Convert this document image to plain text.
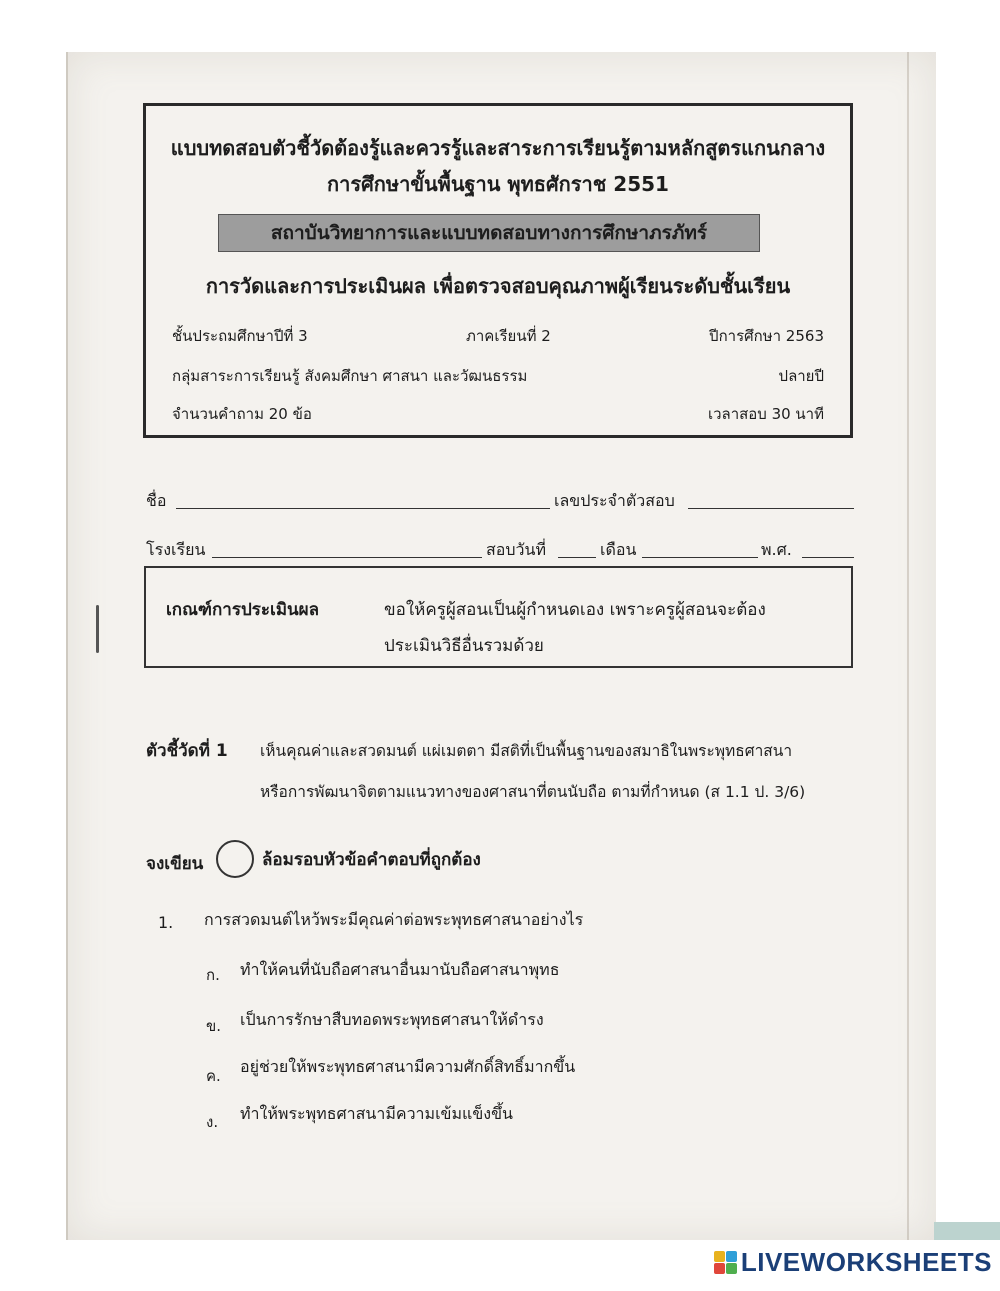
แบบทดสอบตัวชี้วัดต้องรู้และควรรู้และสาระการเรียนรู้ตามหลักสูตรแกนกลาง
การศึกษาขั้นพื้นฐาน พุทธศักราช 2551
สถาบันวิทยาการและแบบทดสอบทางการศึกษาภรภัทร์
การวัดและการประเมินผล เพื่อตรวจสอบคุณภาพผู้เรียนระดับชั้นเรียน
ชั้นประถมศึกษาปีที่ 3	ภาคเรียนที่ 2	ปีการศึกษา 2563
กลุ่มสาระการเรียนรู้ สังคมศึกษา ศาสนา และวัฒนธรรม	ปลายปี
จำนวนคำถาม 20 ข้อ	เวลาสอบ 30 นาที
ชื่อ	เลขประจำตัวสอบ
โรงเรียน	สอบวันที่	เดือน	พ.ศ.
เกณฑ์การประเมินผล	ขอให้ครูผู้สอนเป็นผู้กำหนดเอง เพราะครูผู้สอนจะต้อง
ประเมินวิธีอื่นรวมด้วย
ตัวชี้วัดที่ 1 เห็นคุณค่าและสวดมนต์ แผ่เมตตา มีสติที่เป็นพื้นฐานของสมาธิในพระพุทธศาสนา
หรือการพัฒนาจิตตามแนวทางของศาสนาที่ตนนับถือ ตามที่กำหนด (ส 1.1 ป. 3/6)
จงเขียน	ล้อมรอบหัวข้อคำตอบที่ถูกต้อง
1. การสวดมนต์ไหว้พระมีคุณค่าต่อพระพุทธศาสนาอย่างไร
ก. ทำให้คนที่นับถือศาสนาอื่นมานับถือศาสนาพุทธ
ข. เป็นการรักษาสืบทอดพระพุทธศาสนาให้ดำรง
ค. อยู่ช่วยให้พระพุทธศาสนามีความศักดิ์สิทธิ์มากขึ้น
ง. ทำให้พระพุทธศาสนามีความเข้มแข็งขึ้น
LIVEWORKSHEETS
